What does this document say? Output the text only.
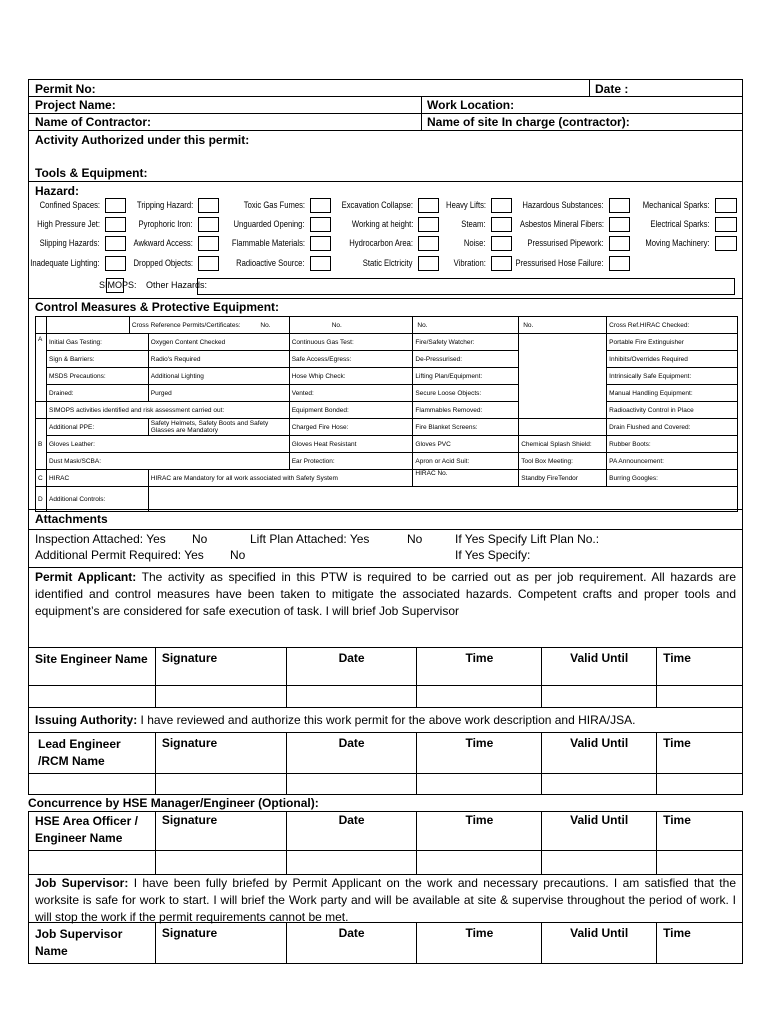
Permit No:	Date :
Project Name:	Work Location:
Name of Contractor:	Name of site In charge (contractor):
Activity Authorized under this permit:
Tools & Equipment:
Hazard:
Confined Spaces:	Tripping Hazard:	Toxic Gas Fumes:	Excavation Collapse:	Heavy Lifts:	Hazardous Substances:	Mechanical Sparks:
High Pressure Jet:	Pyrophoric Iron:	Unguarded Opening:	Working at height:	Steam:	Asbestos Mineral Fibers:	Electrical Sparks:
Slipping Hazards:	Awkward Access:	Flammable Materials:	Hydrocarbon Area:	Noise:	Pressurised Pipework:	Moving Machinery:
Inadequate Lighting:	Dropped Objects:	Radioactive Source:	Static Elctricity	Vibration:	Pressurised Hose Failure:
SIMOPS: Other Hazards:
Control Measures & Protective Equipment:
		Cross Reference Permits/Certificates: No.		No.	No.	No.	Cross Ref.HIRAC Checked:
A	Initial Gas Testing:		Oxygen Content Checked	Continuous Gas Test:	Fire/Safety Watcher:		Portable Fire Extinguisher
	Sign & Barriers:		Radio's Required	Safe Access/Egress:	De-Pressurised:		Inhibits/Overrides Required
	MSDS Precautions:		Additional Lighting	Hose Whip Check:	Lifting Plan/Equipment:		Intrinsically Safe Equipment:
	Drained:		Purged	Vented:	Secure Loose Objects:		Manual Handling Equipment:
	SIMOPS activities identified and risk assessment carried out:			Equipment Bonded:	Flammables Removed:		Radioactivity Control in Place
B	Additional PPE:		Safety Helmets, Safety Boots and Safety Glasses are Mandatory	Charged Fire Hose:	Fire Blanket Screens:		Drain Flushed and Covered:
	Gloves Leather:			Gloves Heat Resistant	Gloves PVC	Chemical Splash Shield:	Rubber Boots:
	Dust Mask/SCBA:			Ear Protection:	Apron or Acid Suit:	Tool Box Meeting:	PA Announcement:
C	HIRAC		HIRAC are Mandatory for all work associated with Safety System		HIRAC No.	Standby FireTendor	Burring Googles:
D	Additional Controls:						
Attachments
Inspection Attached: Yes No	Lift Plan Attached: Yes	No	If Yes Specify Lift Plan No.:
Additional Permit Required: Yes No	If Yes Specify:
Permit Applicant: The activity as specified in this PTW is required to be carried out as per job requirement. All hazards are identified and control measures have been taken to mitigate the associated hazards. Competent crafts and proper tools and equipment’s are considered for safe execution of task. I will brief Job Supervisor
Site Engineer Name	Signature	Date	Time	Valid Until	Time

Issuing Authority: I have reviewed and authorize this work permit for the above work description and HIRA/JSA.
Lead Engineer /RCM Name	Signature	Date	Time	Valid Until	Time

Concurrence by HSE Manager/Engineer (Optional):
HSE Area Officer / Engineer Name	Signature	Date	Time	Valid Until	Time

Job Supervisor: I have been fully briefed by Permit Applicant on the work and necessary precautions. I am satisfied that the worksite is safe for work to start. I will brief the Work party and will be available at site & supervise throughout the period of work. I will stop the work if the permit requirements cannot be met.
Job Supervisor Name	Signature	Date	Time	Valid Until	Time
